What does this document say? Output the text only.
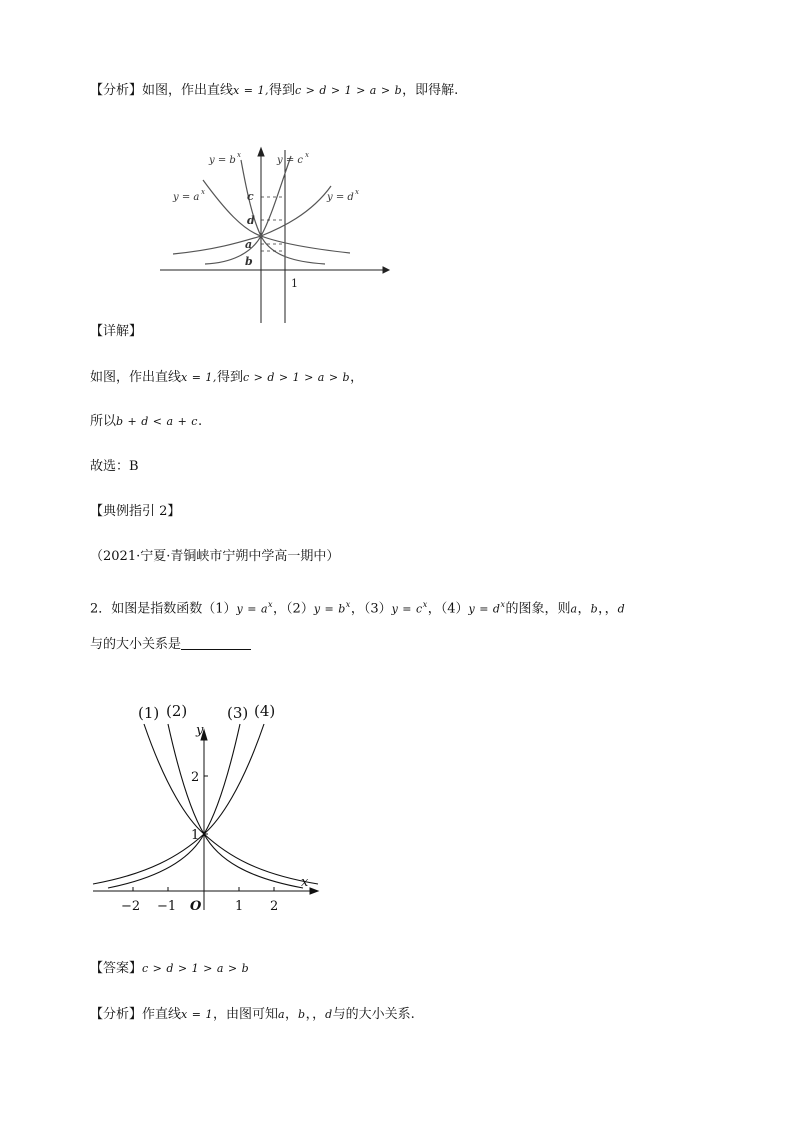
【分析】如图，作出直线x = 1,得到c > d > 1 > a > b，即得解.
y = b x	y = c x
y = a x	y = d x
c
d
a
b
1
【详解】
如图，作出直线x = 1,得到c > d > 1 > a > b，
所以b + d < a + c.
故选：B
【典例指引 2】
（2021·宁夏·青铜峡市宁朔中学高一期中）
2．如图是指数函数$(1)y = a^x$，$(2)y = b^x$，$(3)y = c^x$，$(4)y = d^x$的图象，则a，b，，d
与的大小关系是
(1) (2)	(3) (4)
y
x
2
1
−2 −1 O	1 2
【答案】c > d > 1 > a > b
【分析】作直线x = 1，由图可知a，b，，d与的大小关系.
